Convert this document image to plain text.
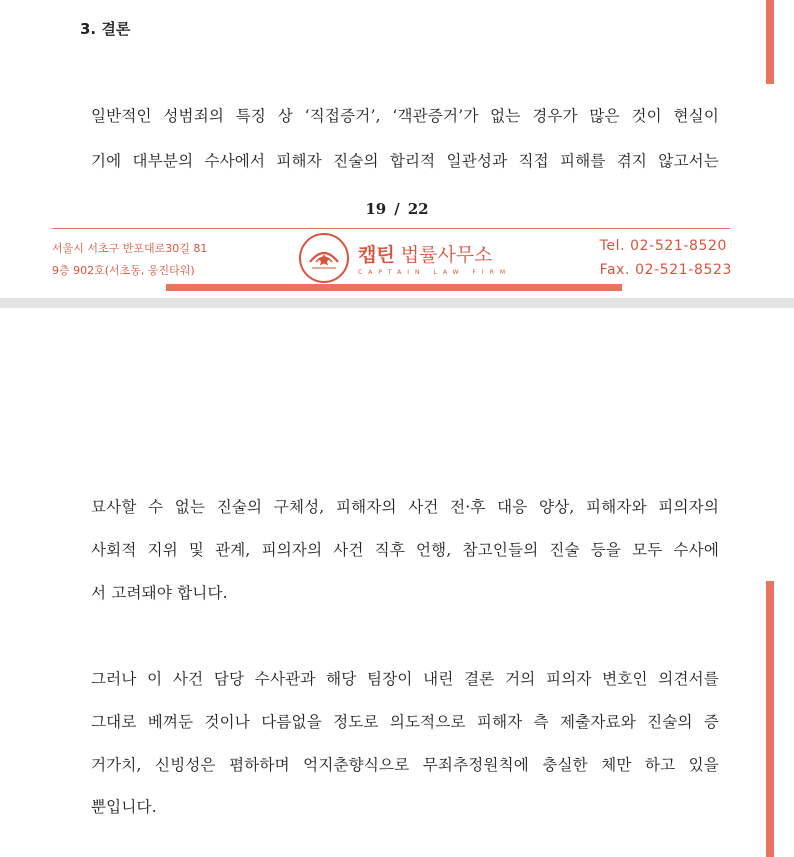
3. 결론

일반적인 성범죄의 특징 상 ‘직접증거’, ‘객관증거’가 없는 경우가 많은 것이 현실이

기에 대부분의 수사에서 피해자 진술의 합리적 일관성과 직접 피해를 겪지 않고서는

19 / 22
서울시 서초구 반포대로30길 81
9층 902호(서초동, 웅진타워)
캡틴 법률사무소
CAPTAIN LAW FIRM
Tel. 02-521-8520
Fax. 02-521-8523

묘사할 수 없는 진술의 구체성, 피해자의 사건 전·후 대응 양상, 피해자와 피의자의

사회적 지위 및 관계, 피의자의 사건 직후 언행, 참고인들의 진술 등을 모두 수사에

서 고려돼야 합니다.

그러나 이 사건 담당 수사관과 해당 팀장이 내린 결론 거의 피의자 변호인 의견서를

그대로 베껴둔 것이나 다름없을 정도로 의도적으로 피해자 측 제출자료와 진술의 증

거가치, 신빙성은 폄하하며 억지춘향식으로 무죄추정원칙에 충실한 체만 하고 있을

뿐입니다.
